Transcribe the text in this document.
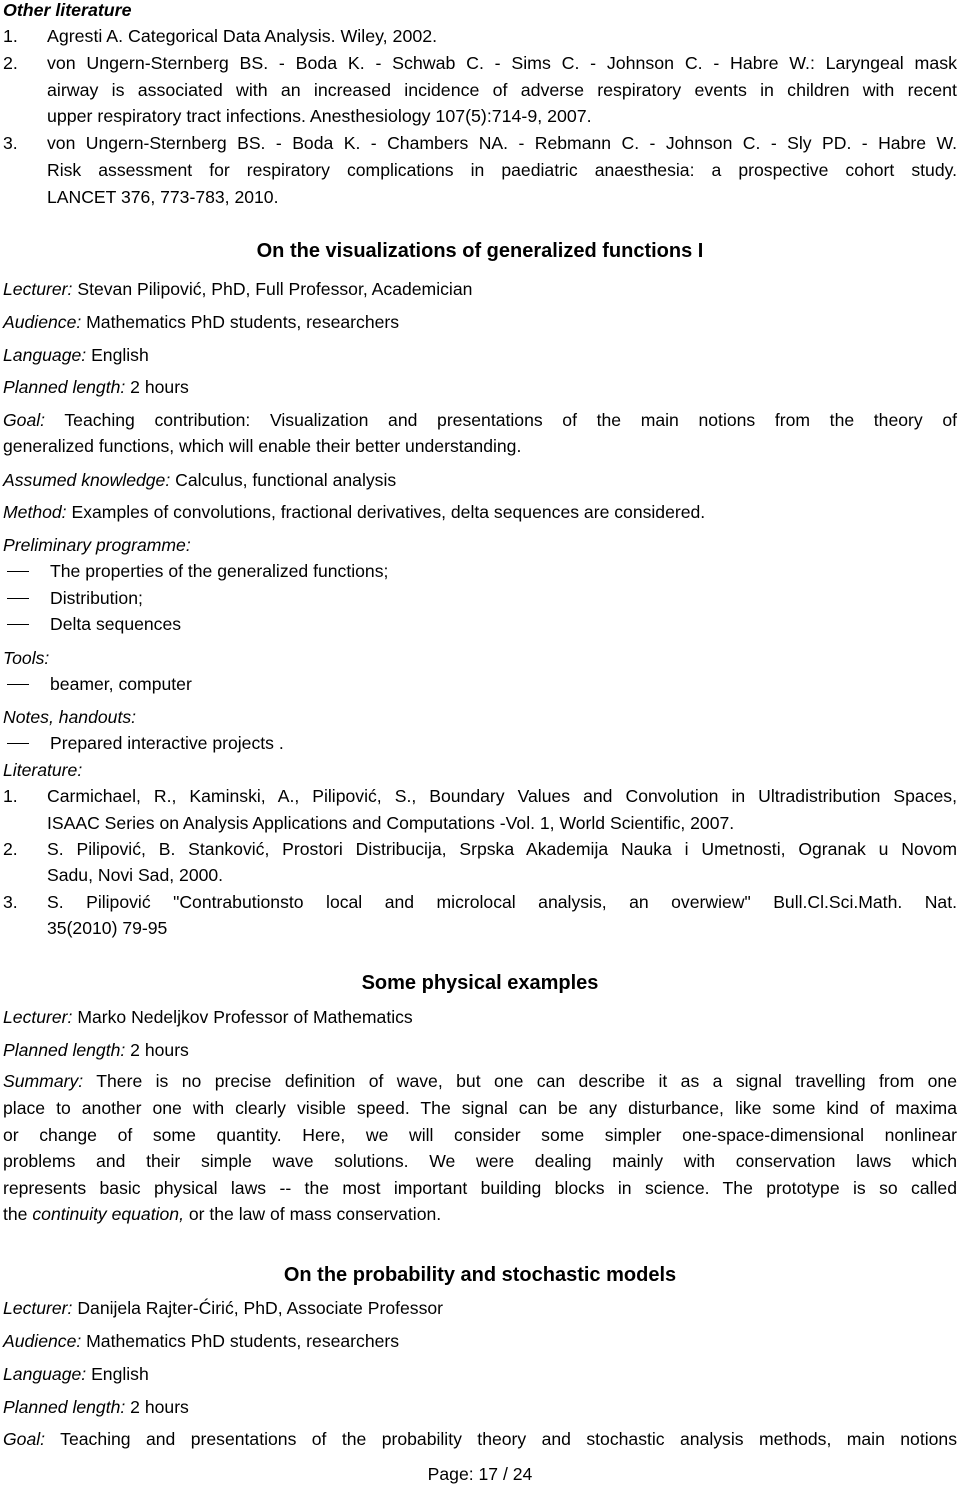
Other literature
1. Agresti A. Categorical Data Analysis. Wiley, 2002.
2. von Ungern-Sternberg BS. - Boda K. - Schwab C. - Sims C. - Johnson C. - Habre W.: Laryngeal mask
airway is associated with an increased incidence of adverse respiratory events in children with recent
upper respiratory tract infections. Anesthesiology 107(5):714-9, 2007.
3. von Ungern-Sternberg BS. - Boda K. - Chambers NA. - Rebmann C. - Johnson C. - Sly PD. - Habre W.
Risk assessment for respiratory complications in paediatric anaesthesia: a prospective cohort study.
LANCET 376, 773-783, 2010.
On the visualizations of generalized functions I
Lecturer: Stevan Pilipović, PhD, Full Professor, Academician
Audience: Mathematics PhD students, researchers
Language: English
Planned length: 2 hours
Goal: Teaching contribution: Visualization and presentations of the main notions from the theory of
generalized functions, which will enable their better understanding.
Assumed knowledge: Calculus, functional analysis
Method: Examples of convolutions, fractional derivatives, delta sequences are considered.
Preliminary programme:
The properties of the generalized functions;
Distribution;
Delta sequences
Tools:
beamer, computer
Notes, handouts:
Prepared interactive projects .
Literature:
1. Carmichael, R., Kaminski, A., Pilipović, S., Boundary Values and Convolution in Ultradistribution Spaces,
ISAAC Series on Analysis Applications and Computations -Vol. 1, World Scientific, 2007.
2. S. Pilipović, B. Stanković, Prostori Distribucija, Srpska Akademija Nauka i Umetnosti, Ogranak u Novom
Sadu, Novi Sad, 2000.
3. S. Pilipović "Contrabutionsto local and microlocal analysis, an overwiew" Bull.Cl.Sci.Math. Nat.
35(2010) 79-95
Some physical examples
Lecturer: Marko Nedeljkov Professor of Mathematics
Planned length: 2 hours
Summary: There is no precise definition of wave, but one can describe it as a signal travelling from one
place to another one with clearly visible speed. The signal can be any disturbance, like some kind of maxima
or change of some quantity. Here, we will consider some simpler one-space-dimensional nonlinear
problems and their simple wave solutions. We were dealing mainly with conservation laws which
represents basic physical laws -- the most important building blocks in science. The prototype is so called
the continuity equation, or the law of mass conservation.
On the probability and stochastic models
Lecturer: Danijela Rajter-Ćirić, PhD, Associate Professor
Audience: Mathematics PhD students, researchers
Language: English
Planned length: 2 hours
Goal: Teaching and presentations of the probability theory and stochastic analysis methods, main notions
Page: 17 / 24
